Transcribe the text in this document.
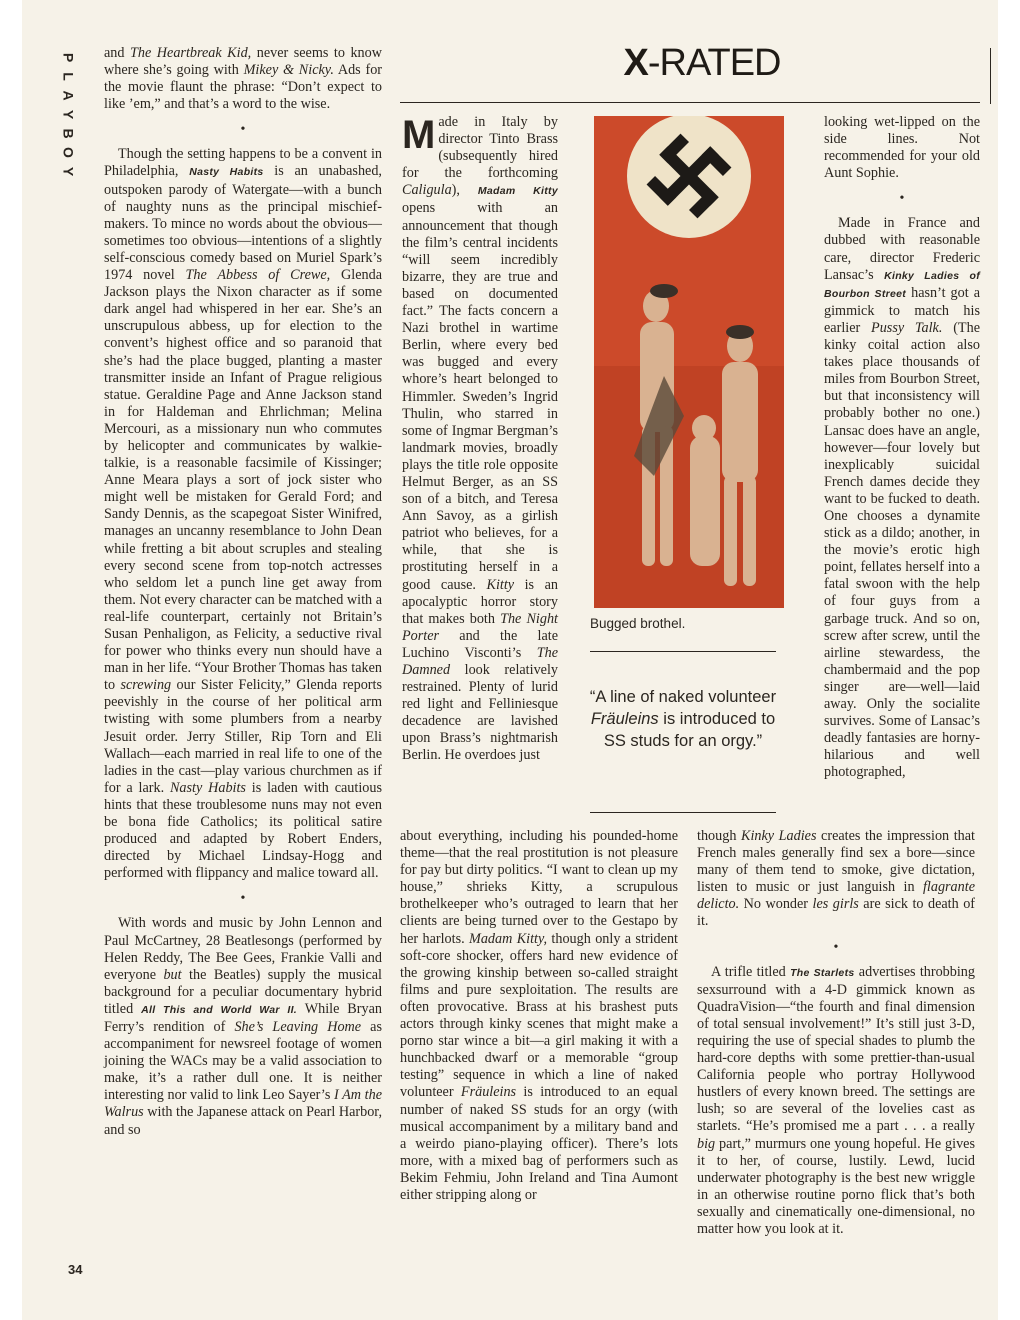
P
L
A
Y
B
O
Y
34

and The Heartbreak Kid, never seems to know where she’s going with Mikey & Nicky. Ads for the movie flaunt the phrase: “Don’t expect to like ’em,” and that’s a word to the wise.

•

Though the setting happens to be a convent in Philadelphia, Nasty Habits is an unabashed, outspoken parody of Watergate—with a bunch of naughty nuns as the principal mischief-makers. To mince no words about the obvious—sometimes too obvious—intentions of a slightly self-conscious comedy based on Muriel Spark’s 1974 novel The Abbess of Crewe, Glenda Jackson plays the Nixon character as if some dark angel had whispered in her ear. She’s an unscrupulous abbess, up for election to the convent’s highest office and so paranoid that she’s had the place bugged, planting a master transmitter inside an Infant of Prague religious statue. Geraldine Page and Anne Jackson stand in for Haldeman and Ehrlichman; Melina Mercouri, as a missionary nun who commutes by helicopter and communicates by walkie-talkie, is a reasonable facsimile of Kissinger; Anne Meara plays a sort of jock sister who might well be mistaken for Gerald Ford; and Sandy Dennis, as the scapegoat Sister Winifred, manages an uncanny resemblance to John Dean while fretting a bit about scruples and stealing every second scene from top-notch actresses who seldom let a punch line get away from them. Not every character can be matched with a real-life counterpart, certainly not Britain’s Susan Penhaligon, as Felicity, a seductive rival for power who thinks every nun should have a man in her life. “Your Brother Thomas has taken to screwing our Sister Felicity,” Glenda reports peevishly in the course of her political arm twisting with some plumbers from a nearby Jesuit order. Jerry Stiller, Rip Torn and Eli Wallach—each married in real life to one of the ladies in the cast—play various churchmen as if for a lark. Nasty Habits is laden with cautious hints that these troublesome nuns may not even be bona fide Catholics; its political satire produced and adapted by Robert Enders, directed by Michael Lindsay-Hogg and performed with flippancy and malice toward all.

•

With words and music by John Lennon and Paul McCartney, 28 Beatlesongs (performed by Helen Reddy, The Bee Gees, Frankie Valli and everyone but the Beatles) supply the musical background for a peculiar documentary hybrid titled All This and World War II. While Bryan Ferry’s rendition of She’s Leaving Home as accompaniment for newsreel footage of women joining the WACs may be a valid association to make, it’s a rather dull one. It is neither interesting nor valid to link Leo Sayer’s I Am the Walrus with the Japanese attack on Pearl Harbor, and so

X-RATED

Made in Italy by director Tinto Brass (subsequently hired for the forthcoming Caligula), Madam Kitty opens with an announcement that though the film’s central incidents “will seem incredibly bizarre, they are true and based on documented fact.” The facts concern a Nazi brothel in wartime Berlin, where every bed was bugged and every whore’s heart belonged to Himmler. Sweden’s Ingrid Thulin, who starred in some of Ingmar Bergman’s landmark movies, broadly plays the title role opposite Helmut Berger, as an SS son of a bitch, and Teresa Ann Savoy, as a girlish patriot who believes, for a while, that she is prostituting herself in a good cause. Kitty is an apocalyptic horror story that makes both The Night Porter and the late Luchino Visconti’s The Damned look relatively restrained. Plenty of lurid red light and Felliniesque decadence are lavished upon Brass’s nightmarish Berlin. He overdoes just

Bugged brothel.
“A line of naked volunteer Fräuleins is introduced to SS studs for an orgy.”

looking wet-lipped on the side lines. Not recommended for your old Aunt Sophie.

•

Made in France and dubbed with reasonable care, director Frederic Lansac’s Kinky Ladies of Bourbon Street hasn’t got a gimmick to match his earlier Pussy Talk. (The kinky coital action also takes place thousands of miles from Bourbon Street, but that inconsistency will probably bother no one.) Lansac does have an angle, however—four lovely but inexplicably suicidal French dames decide they want to be fucked to death. One chooses a dynamite stick as a dildo; another, in the movie’s erotic high point, fellates herself into a fatal swoon with the help of four guys from a garbage truck. And so on, screw after screw, until the airline stewardess, the chambermaid and the pop singer are—well—laid away. Only the socialite survives. Some of Lansac’s deadly fantasies are horny-hilarious and well photographed,

about everything, including his pounded-home theme—that the real prostitution is not pleasure for pay but dirty politics. “I want to clean up my house,” shrieks Kitty, a scrupulous brothelkeeper who’s outraged to learn that her clients are being turned over to the Gestapo by her harlots. Madam Kitty, though only a strident soft-core shocker, offers hard new evidence of the growing kinship between so-called straight films and pure sexploitation. The results are often provocative. Brass at his brashest puts actors through kinky scenes that might make a porno star wince a bit—a girl making it with a hunchbacked dwarf or a memorable “group testing” sequence in which a line of naked volunteer Fräuleins is introduced to an equal number of naked SS studs for an orgy (with musical accompaniment by a military band and a weirdo piano-playing officer). There’s lots more, with a mixed bag of performers such as Bekim Fehmiu, John Ireland and Tina Aumont either stripping along or

though Kinky Ladies creates the impression that French males generally find sex a bore—since many of them tend to smoke, give dictation, listen to music or just languish in flagrante delicto. No wonder les girls are sick to death of it.

•

A trifle titled The Starlets advertises throbbing sexsurround with a 4-D gimmick known as QuadraVision—“the fourth and final dimension of total sensual involvement!” It’s still just 3-D, requiring the use of special shades to plumb the hard-core depths with some prettier-than-usual California people who portray Hollywood hustlers of every known breed. The settings are lush; so are several of the lovelies cast as starlets. “He’s promised me a part . . . a really big part,” murmurs one young hopeful. He gives it to her, of course, lustily. Lewd, lucid underwater photography is the best new wriggle in an otherwise routine porno flick that’s both sexually and cinematically one-dimensional, no matter how you look at it.
